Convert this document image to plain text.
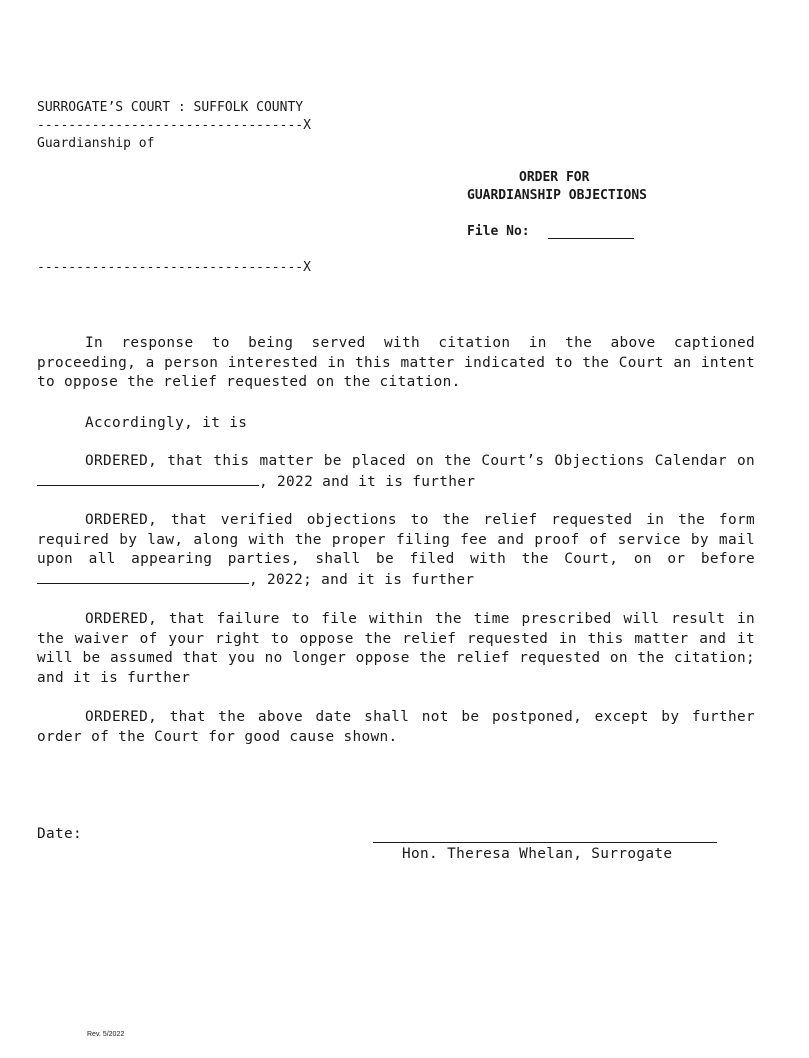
SURROGATE’S COURT : SUFFOLK COUNTY
----------------------------------X
Guardianship of
----------------------------------X
ORDER FOR
GUARDIANSHIP OBJECTIONS
File No:
In response to being served with citation in the above captioned proceeding, a person interested in this matter indicated to the Court an intent to oppose the relief requested on the citation.
Accordingly, it is
ORDERED, that this matter be placed on the Court’s Objections Calendar on , 2022 and it is further
ORDERED, that verified objections to the relief requested in the form required by law, along with the proper filing fee and proof of service by mail upon all appearing parties, shall be filed with the Court, on or before , 2022; and it is further
ORDERED, that failure to file within the time prescribed will result in the waiver of your right to oppose the relief requested in this matter and it will be assumed that you no longer oppose the relief requested on the citation; and it is further
ORDERED, that the above date shall not be postponed, except by further order of the Court for good cause shown.
Date:
Hon. Theresa Whelan, Surrogate
Rev. 5/2022
